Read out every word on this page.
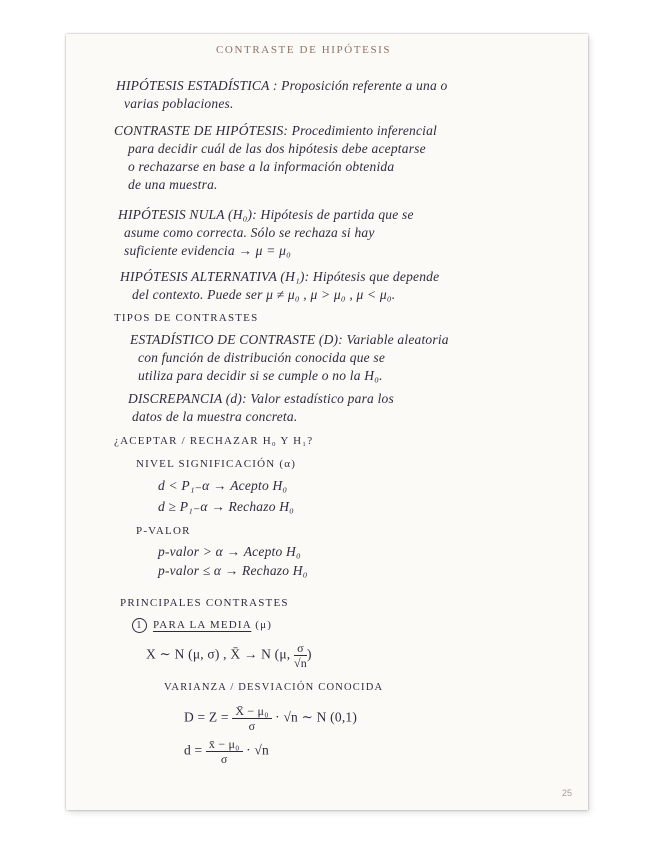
CONTRASTE DE HIPÓTESIS
HIPÓTESIS ESTADÍSTICA : Proposición referente a una o
varias poblaciones.
CONTRASTE DE HIPÓTESIS: Procedimiento inferencial
para decidir cuál de las dos hipótesis debe aceptarse
o rechazarse en base a la información obtenida
de una muestra.
HIPÓTESIS NULA (H₀): Hipótesis de partida que se
asume como correcta. Sólo se rechaza si hay
suficiente evidencia → μ = μ₀
HIPÓTESIS ALTERNATIVA (H₁): Hipótesis que depende
del contexto. Puede ser μ ≠ μ₀ , μ > μ₀ , μ < μ₀.
TIPOS DE CONTRASTES
ESTADÍSTICO DE CONTRASTE (D): Variable aleatoria
con función de distribución conocida que se
utiliza para decidir si se cumple o no la H₀.
DISCREPANCIA (d): Valor estadístico para los
datos de la muestra concreta.
¿ACEPTAR / RECHAZAR H₀ Y H₁?
NIVEL SIGNIFICACIÓN (α)
d < P₁₋α → Acepto H₀
d ≥ P₁₋α → Rechazo H₀
P-VALOR
p-valor > α → Acepto H₀
p-valor ≤ α → Rechazo H₀
PRINCIPALES CONTRASTES
1 PARA LA MEDIA (μ)
X ∼ N (μ, σ) , X̄ → N (μ, $\frac{\sigma}{√n}$ )
VARIANZA / DESVIACIÓN CONOCIDA
$D = Z = \frac{\text{X̄ − μ₀}}{\sigma} \cdot √n$ ∼ N (0,1)
$d = \frac{\text{x̄ − μ₀}}{\sigma} \cdot √n$
25
